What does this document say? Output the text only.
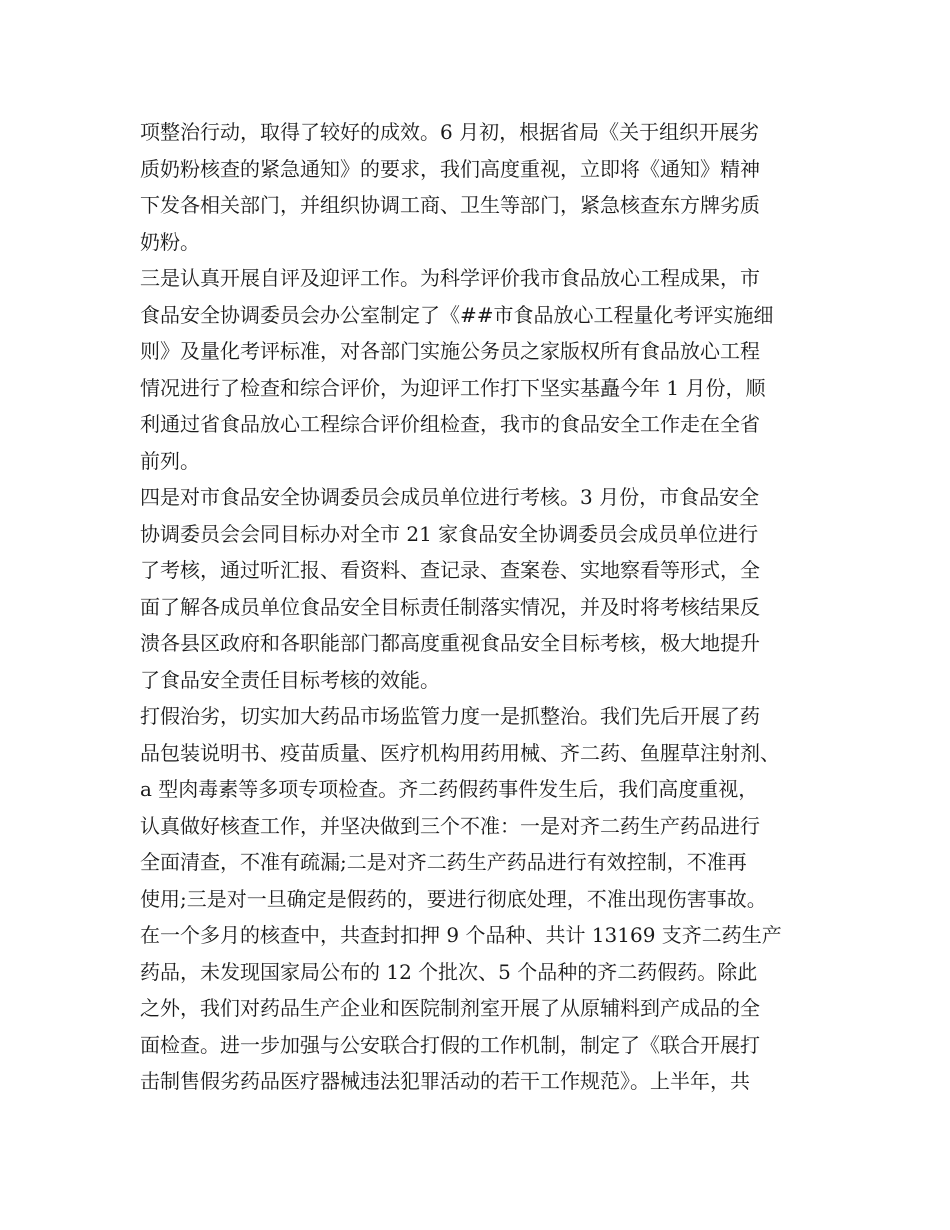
项整治行动，取得了较好的成效。6 月初，根据省局《关于组织开展劣
质奶粉核查的紧急通知》的要求，我们高度重视，立即将《通知》精神
下发各相关部门，并组织协调工商、卫生等部门，紧急核查东方牌劣质
奶粉。
三是认真开展自评及迎评工作。为科学评价我市食品放心工程成果，市
食品安全协调委员会办公室制定了《##市食品放心工程量化考评实施细
则》及量化考评标准，对各部门实施公务员之家版权所有食品放心工程
情况进行了检查和综合评价，为迎评工作打下坚实基矗今年 1 月份，顺
利通过省食品放心工程综合评价组检查，我市的食品安全工作走在全省
前列。
四是对市食品安全协调委员会成员单位进行考核。3 月份，市食品安全
协调委员会会同目标办对全市 21 家食品安全协调委员会成员单位进行
了考核，通过听汇报、看资料、查记录、查案卷、实地察看等形式，全
面了解各成员单位食品安全目标责任制落实情况，并及时将考核结果反
溃各县区政府和各职能部门都高度重视食品安全目标考核，极大地提升
了食品安全责任目标考核的效能。
打假治劣，切实加大药品市场监管力度一是抓整治。我们先后开展了药
品包装说明书、疫苗质量、医疗机构用药用械、齐二药、鱼腥草注射剂、
a 型肉毒素等多项专项检查。齐二药假药事件发生后，我们高度重视，
认真做好核查工作，并坚决做到三个不准：一是对齐二药生产药品进行
全面清查，不准有疏漏;二是对齐二药生产药品进行有效控制，不准再
使用;三是对一旦确定是假药的，要进行彻底处理，不准出现伤害事故。
在一个多月的核查中，共查封扣押 9 个品种、共计 13169 支齐二药生产
药品，未发现国家局公布的 12 个批次、5 个品种的齐二药假药。除此
之外，我们对药品生产企业和医院制剂室开展了从原辅料到产成品的全
面检查。进一步加强与公安联合打假的工作机制，制定了《联合开展打
击制售假劣药品医疗器械违法犯罪活动的若干工作规范》。上半年，共
